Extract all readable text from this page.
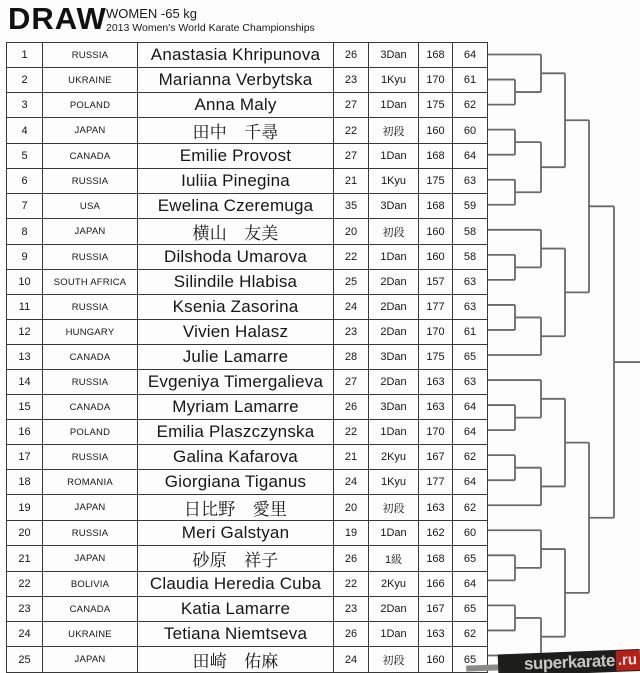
DRAW WOMEN -65 kg
2013 Women's World Karate Championships
1	RUSSIA	Anastasia Khripunova	26	3Dan	168	64
2	UKRAINE	Marianna Verbytska	23	1Kyu	170	61
3	POLAND	Anna Maly	27	1Dan	175	62
4	JAPAN	田中　千尋	22	初段	160	60
5	CANADA	Emilie Provost	27	1Dan	168	64
6	RUSSIA	Iuliia Pinegina	21	1Kyu	175	63
7	USA	Ewelina Czeremuga	35	3Dan	168	59
8	JAPAN	横山　友美	20	初段	160	58
9	RUSSIA	Dilshoda Umarova	22	1Dan	160	58
10	SOUTH AFRICA	Silindile Hlabisa	25	2Dan	157	63
11	RUSSIA	Ksenia Zasorina	24	2Dan	177	63
12	HUNGARY	Vivien Halasz	23	2Dan	170	61
13	CANADA	Julie Lamarre	28	3Dan	175	65
14	RUSSIA	Evgeniya Timergalieva	27	2Dan	163	63
15	CANADA	Myriam Lamarre	26	3Dan	163	64
16	POLAND	Emilia Plaszczynska	22	1Dan	170	64
17	RUSSIA	Galina Kafarova	21	2Kyu	167	62
18	ROMANIA	Giorgiana Tiganus	24	1Kyu	177	64
19	JAPAN	日比野　愛里	20	初段	163	62
20	RUSSIA	Meri Galstyan	19	1Dan	162	60
21	JAPAN	砂原　祥子	26	1級	168	65
22	BOLIVIA	Claudia Heredia Cuba	22	2Kyu	166	64
23	CANADA	Katia Lamarre	23	2Dan	167	65
24	UKRAINE	Tetiana Niemtseva	26	1Dan	163	62
25	JAPAN	田崎　佑麻	24	初段	160	65	superkarate .ru
